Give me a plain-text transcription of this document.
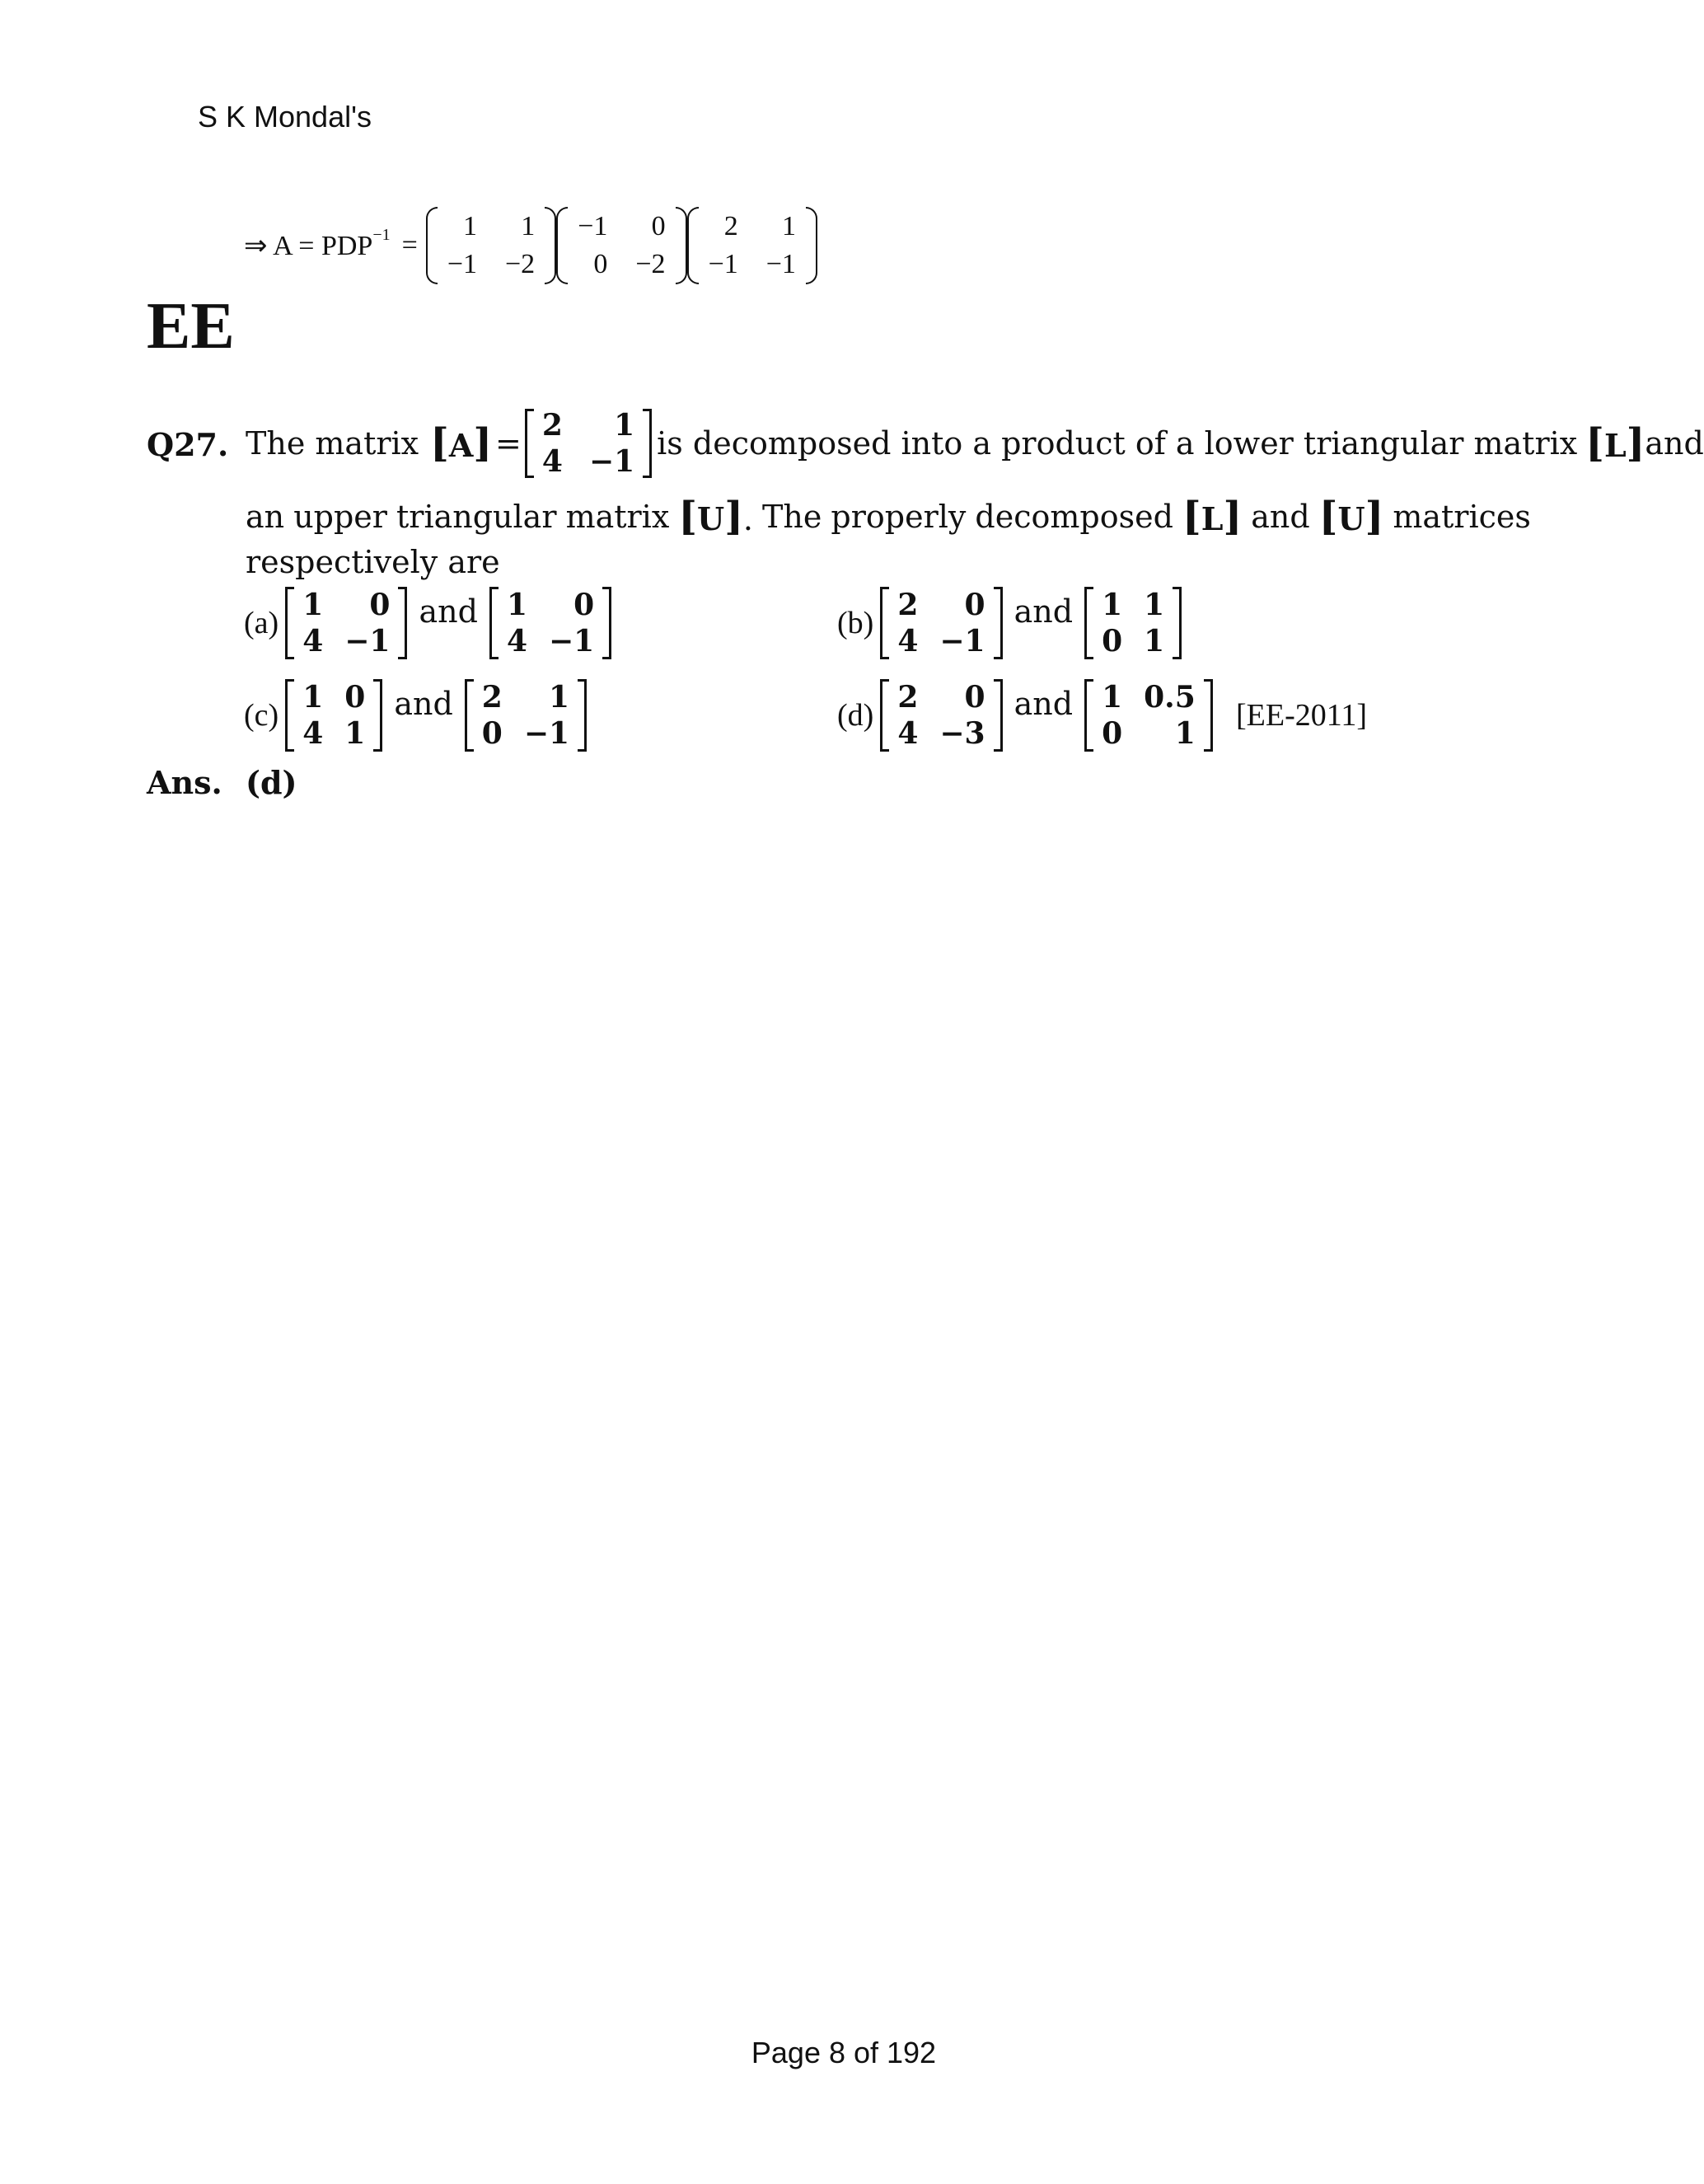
S K Mondal's
⇒ $A = PDP^{-1}$ =
1	1
−1 −2
−1	0
0 −2
2	1
−1 −1
EE
Q27. The matrix [A] = 2	1
4 −1 is decomposed into a product of a lower triangular matrix [L] and
an upper triangular matrix [U]. The properly decomposed [L] and [U] matrices
respectively are
(a)
1	0
4 −1
and 1	0
4 −1
(b)
2	0
4 −1
and 1 1
0 1
(c)
1 0
4 1
and 2	1
0 −1
(d)
2	0
4 −3
and 1 0.5
0	1
[EE-2011]
Ans. (d)
Page 8 of 192
